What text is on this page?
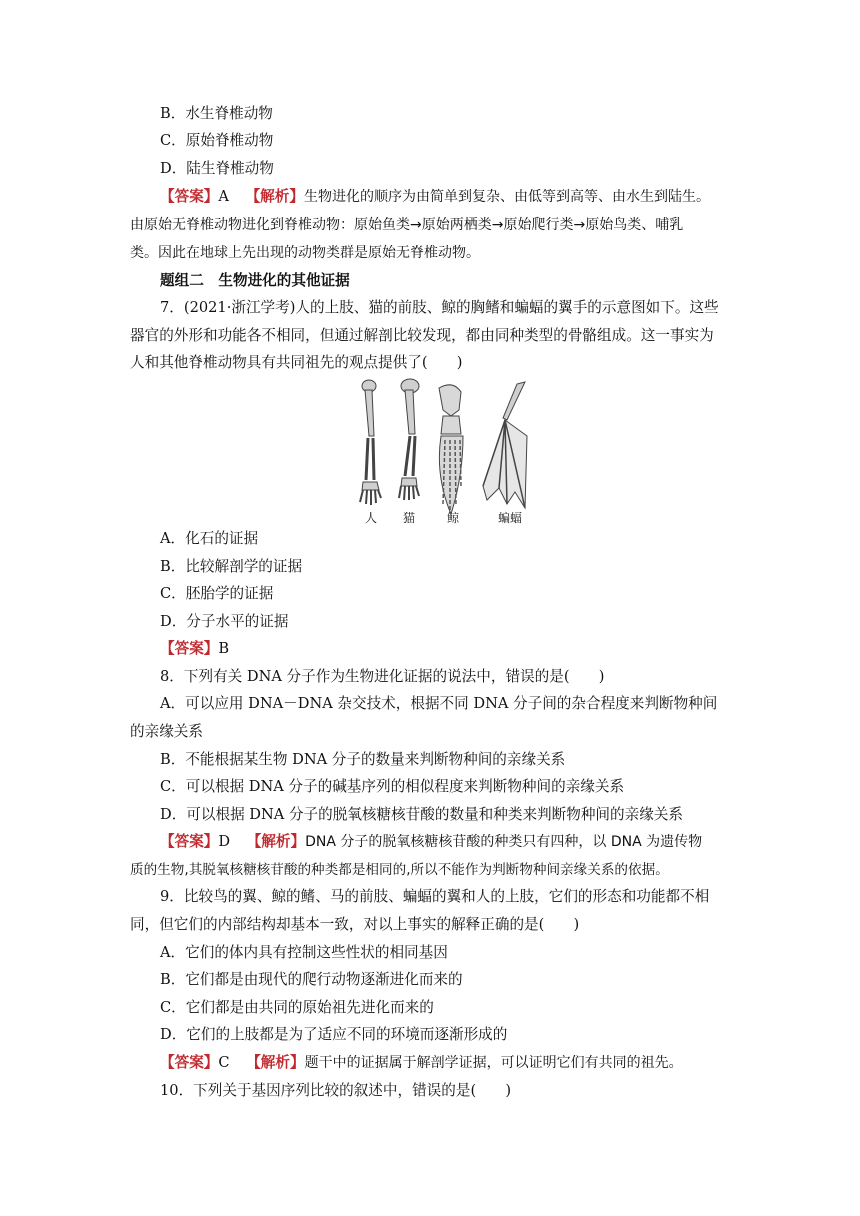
B．水生脊椎动物
C．原始脊椎动物
D．陆生脊椎动物
【答案】A 【解析】生物进化的顺序为由简单到复杂、由低等到高等、由水生到陆生。
由原始无脊椎动物进化到脊椎动物：原始鱼类→原始两栖类→原始爬行类→原始鸟类、哺乳
类。因此在地球上先出现的动物类群是原始无脊椎动物。
题组二　生物进化的其他证据
7．(2021·浙江学考)人的上肢、猫的前肢、鲸的胸鳍和蝙蝠的翼手的示意图如下。这些
器官的外形和功能各不相同，但通过解剖比较发现，都由同种类型的骨骼组成。这一事实为
人和其他脊椎动物具有共同祖先的观点提供了(　　)
人 猫	鲸	蝙蝠
A．化石的证据
B．比较解剖学的证据
C．胚胎学的证据
D．分子水平的证据
【答案】B
8．下列有关 DNA 分子作为生物进化证据的说法中，错误的是(　　)
A．可以应用 DNA－DNA 杂交技术，根据不同 DNA 分子间的杂合程度来判断物种间
的亲缘关系
B．不能根据某生物 DNA 分子的数量来判断物种间的亲缘关系
C．可以根据 DNA 分子的碱基序列的相似程度来判断物种间的亲缘关系
D．可以根据 DNA 分子的脱氧核糖核苷酸的数量和种类来判断物种间的亲缘关系
【答案】D 【解析】DNA 分子的脱氧核糖核苷酸的种类只有四种，以 DNA 为遗传物
质的生物,其脱氧核糖核苷酸的种类都是相同的,所以不能作为判断物种间亲缘关系的依据。
9．比较鸟的翼、鲸的鳍、马的前肢、蝙蝠的翼和人的上肢，它们的形态和功能都不相
同，但它们的内部结构却基本一致，对以上事实的解释正确的是(　　)
A．它们的体内具有控制这些性状的相同基因
B．它们都是由现代的爬行动物逐渐进化而来的
C．它们都是由共同的原始祖先进化而来的
D．它们的上肢都是为了适应不同的环境而逐渐形成的
【答案】C 【解析】题干中的证据属于解剖学证据，可以证明它们有共同的祖先。
10．下列关于基因序列比较的叙述中，错误的是(　　)
